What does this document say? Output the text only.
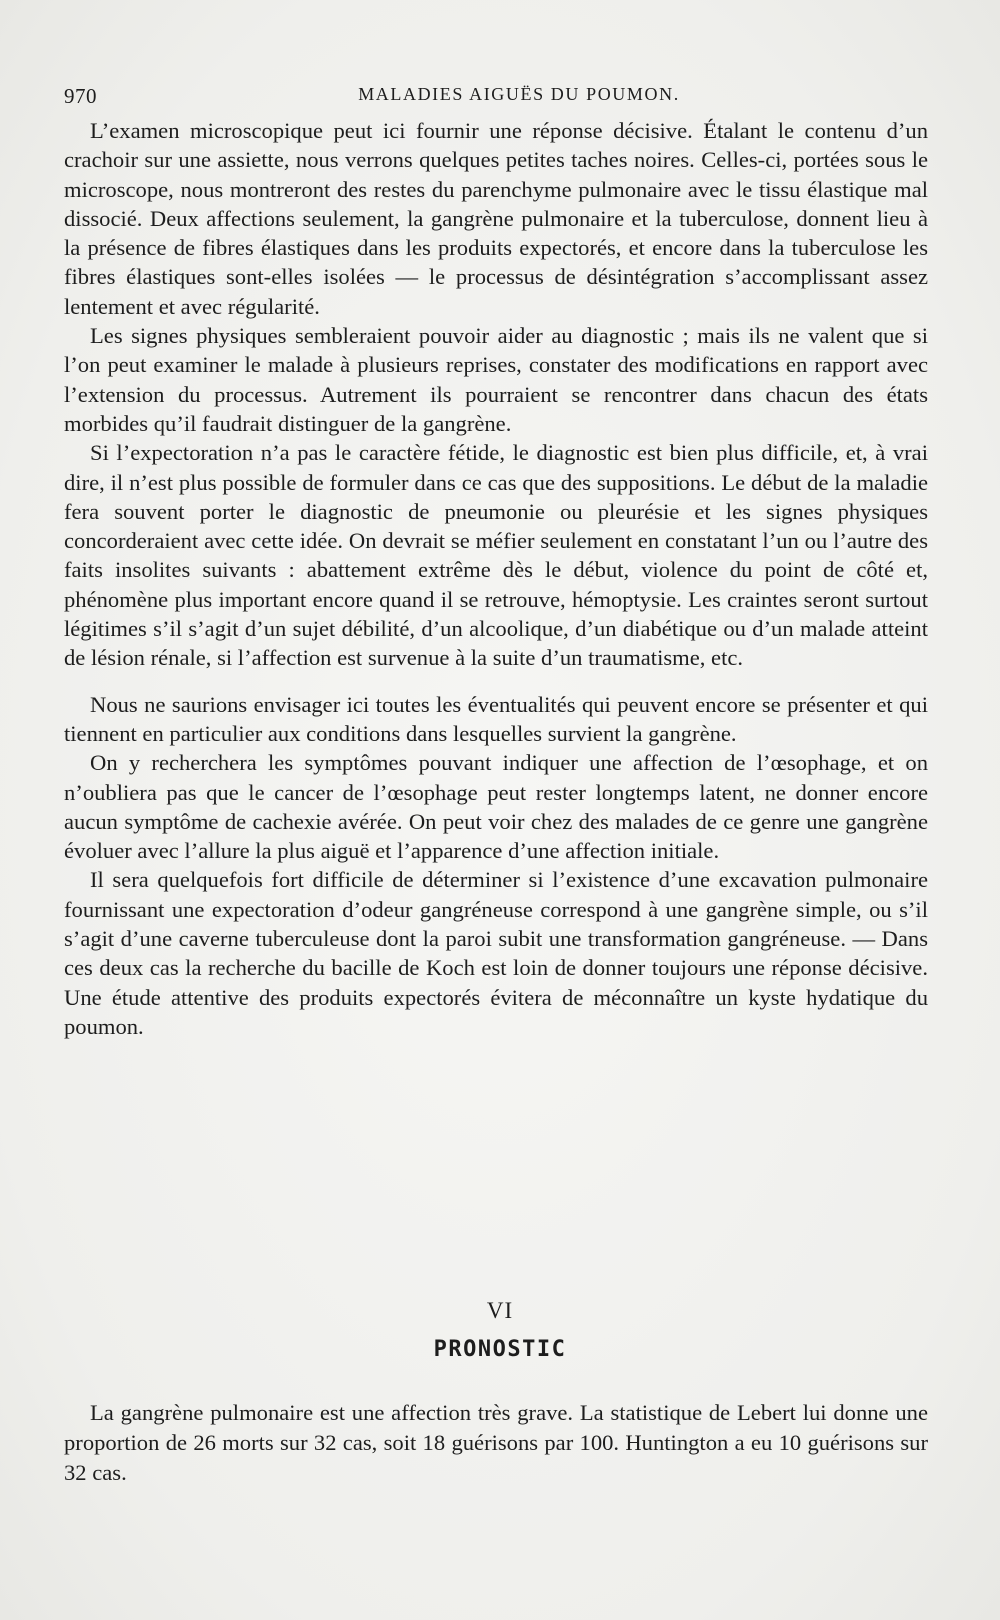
970	MALADIES AIGUËS DU POUMON.

L’examen microscopique peut ici fournir une réponse décisive. Étalant le contenu d’un crachoir sur une assiette, nous verrons quelques petites taches noires. Celles-ci, portées sous le microscope, nous montreront des restes du parenchyme pulmonaire avec le tissu élastique mal dissocié. Deux affections seulement, la gangrène pulmonaire et la tuberculose, donnent lieu à la présence de fibres élastiques dans les produits expectorés, et encore dans la tuberculose les fibres élastiques sont-elles isolées — le processus de désintégration s’accomplissant assez lentement et avec régularité.

Les signes physiques sembleraient pouvoir aider au diagnostic ; mais ils ne valent que si l’on peut examiner le malade à plusieurs reprises, constater des modifications en rapport avec l’extension du processus. Autrement ils pourraient se rencontrer dans chacun des états morbides qu’il faudrait distinguer de la gangrène.

Si l’expectoration n’a pas le caractère fétide, le diagnostic est bien plus difficile, et, à vrai dire, il n’est plus possible de formuler dans ce cas que des suppositions. Le début de la maladie fera souvent porter le diagnostic de pneumonie ou pleurésie et les signes physiques concorderaient avec cette idée. On devrait se méfier seulement en constatant l’un ou l’autre des faits insolites suivants : abattement extrême dès le début, violence du point de côté et, phénomène plus important encore quand il se retrouve, hémoptysie. Les craintes seront surtout légitimes s’il s’agit d’un sujet débilité, d’un alcoolique, d’un diabétique ou d’un malade atteint de lésion rénale, si l’affection est survenue à la suite d’un traumatisme, etc.

Nous ne saurions envisager ici toutes les éventualités qui peuvent encore se présenter et qui tiennent en particulier aux conditions dans lesquelles survient la gangrène.

On y recherchera les symptômes pouvant indiquer une affection de l’œsophage, et on n’oubliera pas que le cancer de l’œsophage peut rester longtemps latent, ne donner encore aucun symptôme de cachexie avérée. On peut voir chez des malades de ce genre une gangrène évoluer avec l’allure la plus aiguë et l’apparence d’une affection initiale.

Il sera quelquefois fort difficile de déterminer si l’existence d’une excavation pulmonaire fournissant une expectoration d’odeur gangréneuse correspond à une gangrène simple, ou s’il s’agit d’une caverne tuberculeuse dont la paroi subit une transformation gangréneuse. — Dans ces deux cas la recherche du bacille de Koch est loin de donner toujours une réponse décisive. Une étude attentive des produits expectorés évitera de méconnaître un kyste hydatique du poumon.

VI
PRONOSTIC

La gangrène pulmonaire est une affection très grave. La statistique de Lebert lui donne une proportion de 26 morts sur 32 cas, soit 18 guérisons par 100. Huntington a eu 10 guérisons sur 32 cas.
